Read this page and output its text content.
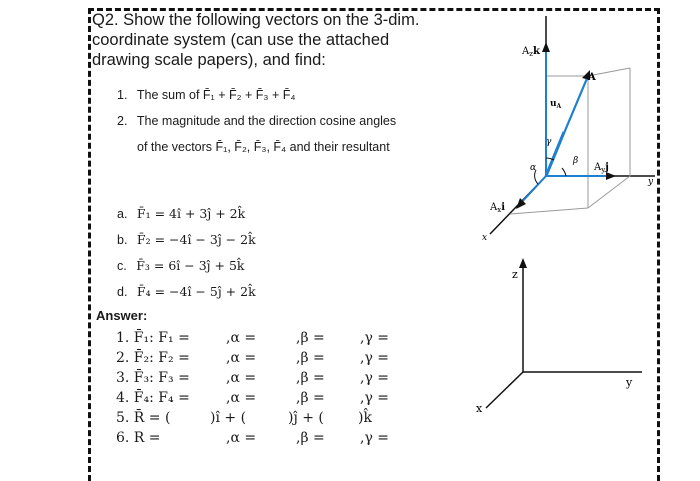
Q2. Show the following vectors on the 3-dim.
coordinate system (can use the attached
drawing scale papers), and find:
1. The sum of F̄₁ + F̄₂ + F̄₃ + F̄₄
2. The magnitude and the direction cosine angles
of the vectors F̄₁, F̄₂, F̄₃, F̄₄ and their resultant
a. F̄₁ = 4î + 3ĵ + 2k̂
b. F̄₂ = −4î − 3ĵ − 2k̂
c. F̄₃ = 6î − 3ĵ + 5k̂
d. F̄₄ = −4î − 5ĵ + 2k̂
Answer:
1. F̄₁: F₁ =	,α =	,β =	,γ =
2. F̄₂: F₂ =	,α =	,β =	,γ =
3. F̄₃: F₃ =	,α =	,β =	,γ =
4. F̄₄: F₄ =	,α =	,β =	,γ =
5. R̄ = (	)î + (	)ĵ + ( )k̂
6. R =	,α =	,β =	,γ =
$A_zk$
A
$u_A$
γ
α
β
$A_yj$
y
$A_xi$
x
z
y
x
